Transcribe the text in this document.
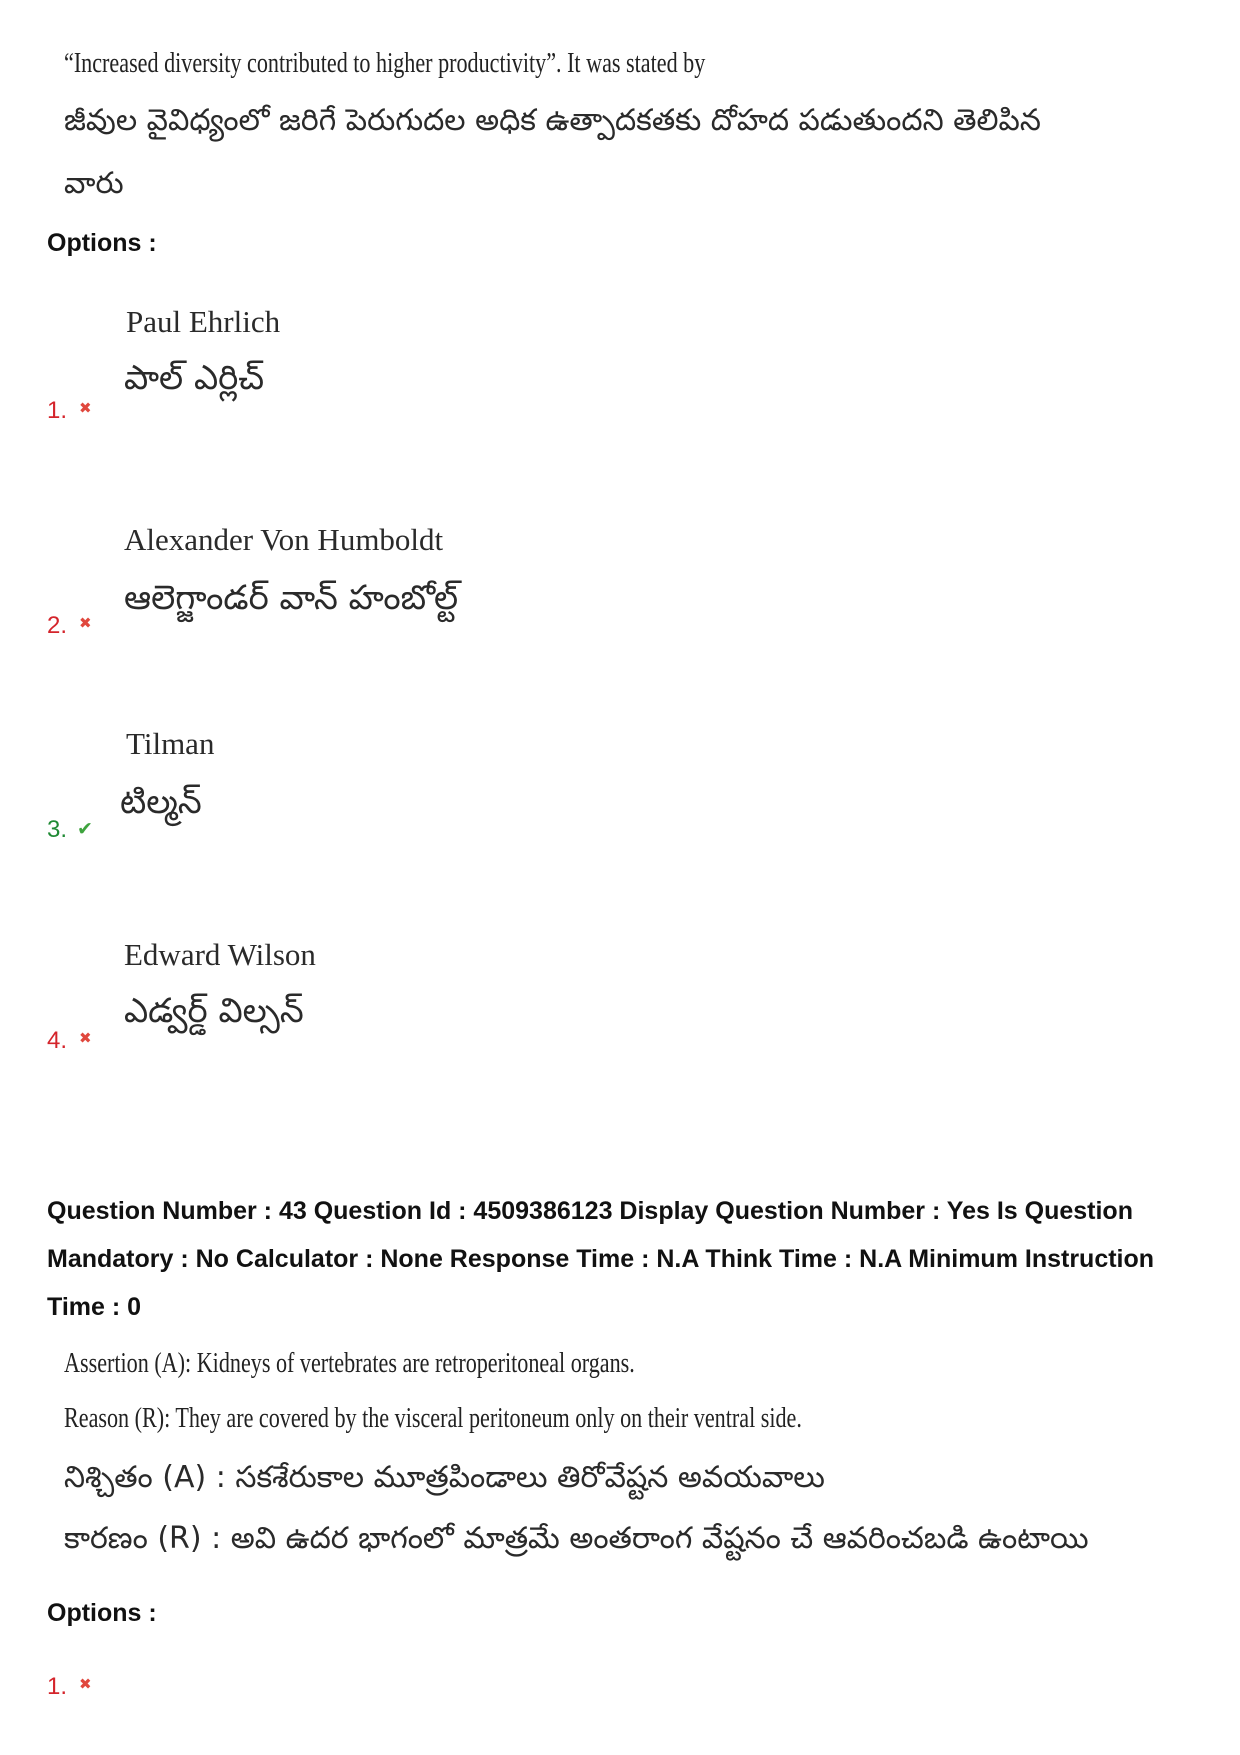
“Increased diversity contributed to higher productivity”. It was stated by
జీవుల వైవిధ్యంలో జరిగే పెరుగుదల అధిక ఉత్పాదకతకు దోహద పడుతుందని తెలిపిన
వారు
Options :
Paul Ehrlich
పాల్ ఎర్లిచ్
1.✖
Alexander Von Humboldt
ఆలెగ్జాండర్ వాన్ హంబోల్ట్
2.✖
Tilman
టిల్మన్
3.✔
Edward Wilson
ఎడ్వర్డ్ విల్సన్
4.✖
Question Number : 43 Question Id : 4509386123 Display Question Number : Yes Is Question
Mandatory : No Calculator : None Response Time : N.A Think Time : N.A Minimum Instruction
Time : 0
Assertion (A): Kidneys of vertebrates are retroperitoneal organs.
Reason (R): They are covered by the visceral peritoneum only on their ventral side.
నిశ్చితం (A) : సకశేరుకాల మూత్రపిండాలు తిరోవేష్టన అవయవాలు
కారణం (R) : అవి ఉదర భాగంలో మాత్రమే అంతరాంగ వేష్టనం చే ఆవరించబడి ఉంటాయి
Options :
1.✖
